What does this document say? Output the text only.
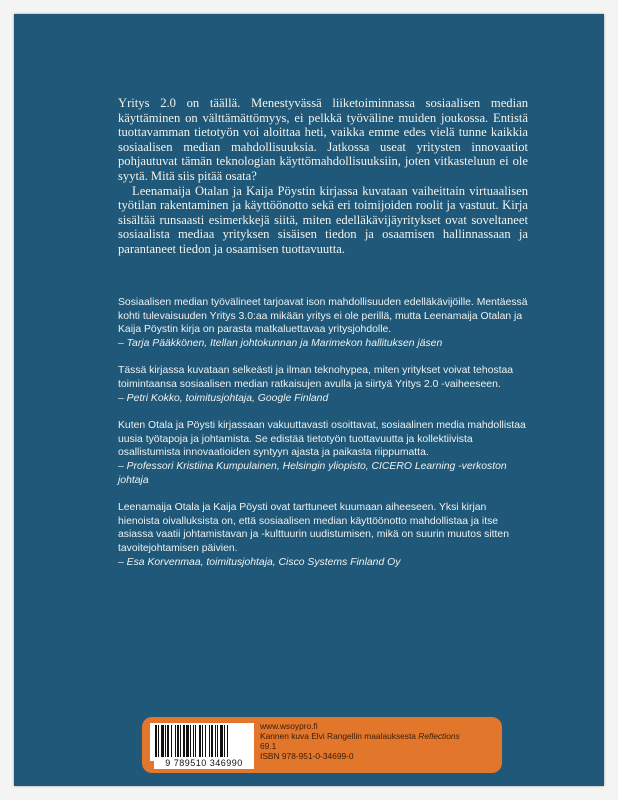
Yritys 2.0 on täällä. Menestyvässä liiketoiminnassa sosiaalisen median käyttäminen on välttämättömyys, ei pelkkä työväline muiden joukossa. Entistä tuottavamman tietotyön voi aloittaa heti, vaikka emme edes vielä tunne kaikkia sosiaalisen median mahdollisuuksia. Jatkossa useat yritysten innovaatiot pohjautuvat tämän teknologian käyttömahdollisuuksiin, joten vitkasteluun ei ole syytä. Mitä siis pitää osata?

Leenamaija Otalan ja Kaija Pöystin kirjassa kuvataan vaiheittain virtuaalisen työtilan rakentaminen ja käyttöönotto sekä eri toimijoiden roolit ja vastuut. Kirja sisältää runsaasti esimerkkejä siitä, miten edelläkävijäyritykset ovat soveltaneet sosiaalista mediaa yrityksen sisäisen tiedon ja osaamisen hallinnassaan ja parantaneet tiedon ja osaamisen tuottavuutta.

Sosiaalisen median työvälineet tarjoavat ison mahdollisuuden edelläkävijöille. Mentäessä kohti tulevaisuuden Yritys 3.0:aa mikään yritys ei ole perillä, mutta Leenamaija Otalan ja Kaija Pöystin kirja on parasta matkaluettavaa yritysjohdolle.
– Tarja Pääkkönen, Itellan johtokunnan ja Marimekon hallituksen jäsen
Tässä kirjassa kuvataan selkeästi ja ilman teknohypea, miten yritykset voivat tehostaa toimintaansa sosiaalisen median ratkaisujen avulla ja siirtyä Yritys 2.0 -vaiheeseen.
– Petri Kokko, toimitusjohtaja, Google Finland
Kuten Otala ja Pöysti kirjassaan vakuuttavasti osoittavat, sosiaalinen media mahdollistaa uusia työtapoja ja johtamista. Se edistää tietotyön tuottavuutta ja kollektiivista osallistumista innovaatioiden syntyyn ajasta ja paikasta riippumatta.
– Professori Kristiina Kumpulainen, Helsingin yliopisto, CICERO Learning -verkoston johtaja
Leenamaija Otala ja Kaija Pöysti ovat tarttuneet kuumaan aiheeseen. Yksi kirjan hienoista oivalluksista on, että sosiaalisen median käyttöönotto mahdollistaa ja itse asiassa vaatii johtamistavan ja -kulttuurin uudistumisen, mikä on suurin muutos sitten tavoitejohtamisen päivien.
– Esa Korvenmaa, toimitusjohtaja, Cisco Systems Finland Oy
9 789510 346990
www.wsoypro.fi
Kannen kuva Elvi Rangellin maalauksesta Reflections
69.1
ISBN 978-951-0-34699-0
